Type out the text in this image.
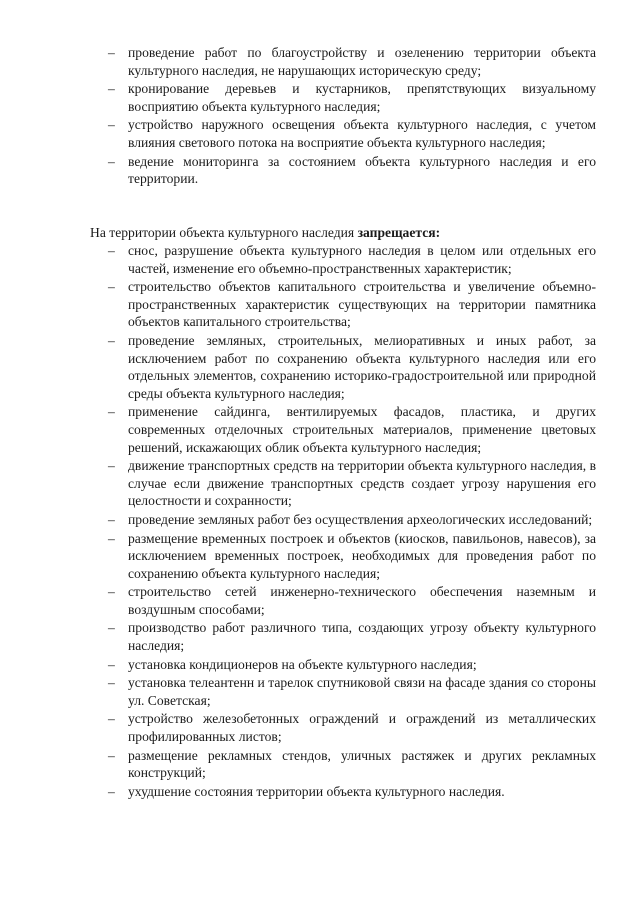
– проведение работ по благоустройству и озеленению территории объекта культурного наследия, не нарушающих историческую среду;
– кронирование деревьев и кустарников, препятствующих визуальному восприятию объекта культурного наследия;
– устройство наружного освещения объекта культурного наследия, с учетом влияния светового потока на восприятие объекта культурного наследия;
– ведение мониторинга за состоянием объекта культурного наследия и его территории.

На территории объекта культурного наследия запрещается:

– снос, разрушение объекта культурного наследия в целом или отдельных его частей, изменение его объемно-пространственных характеристик;
– строительство объектов капитального строительства и увеличение объемно-пространственных характеристик существующих на территории памятника объектов капитального строительства;
– проведение земляных, строительных, мелиоративных и иных работ, за исключением работ по сохранению объекта культурного наследия или его отдельных элементов, сохранению историко-градостроительной или природной среды объекта культурного наследия;
– применение сайдинга, вентилируемых фасадов, пластика, и других современных отделочных строительных материалов, применение цветовых решений, искажающих облик объекта культурного наследия;
– движение транспортных средств на территории объекта культурного наследия, в случае если движение транспортных средств создает угрозу нарушения его целостности и сохранности;
– проведение земляных работ без осуществления археологических исследований;
– размещение временных построек и объектов (киосков, павильонов, навесов), за исключением временных построек, необходимых для проведения работ по сохранению объекта культурного наследия;
– строительство сетей инженерно-технического обеспечения наземным и воздушным способами;
– производство работ различного типа, создающих угрозу объекту культурного наследия;
– установка кондиционеров на объекте культурного наследия;
– установка телеантенн и тарелок спутниковой связи на фасаде здания со стороны ул. Советская;
– устройство железобетонных ограждений и ограждений из металлических профилированных листов;
– размещение рекламных стендов, уличных растяжек и других рекламных конструкций;
– ухудшение состояния территории объекта культурного наследия.
